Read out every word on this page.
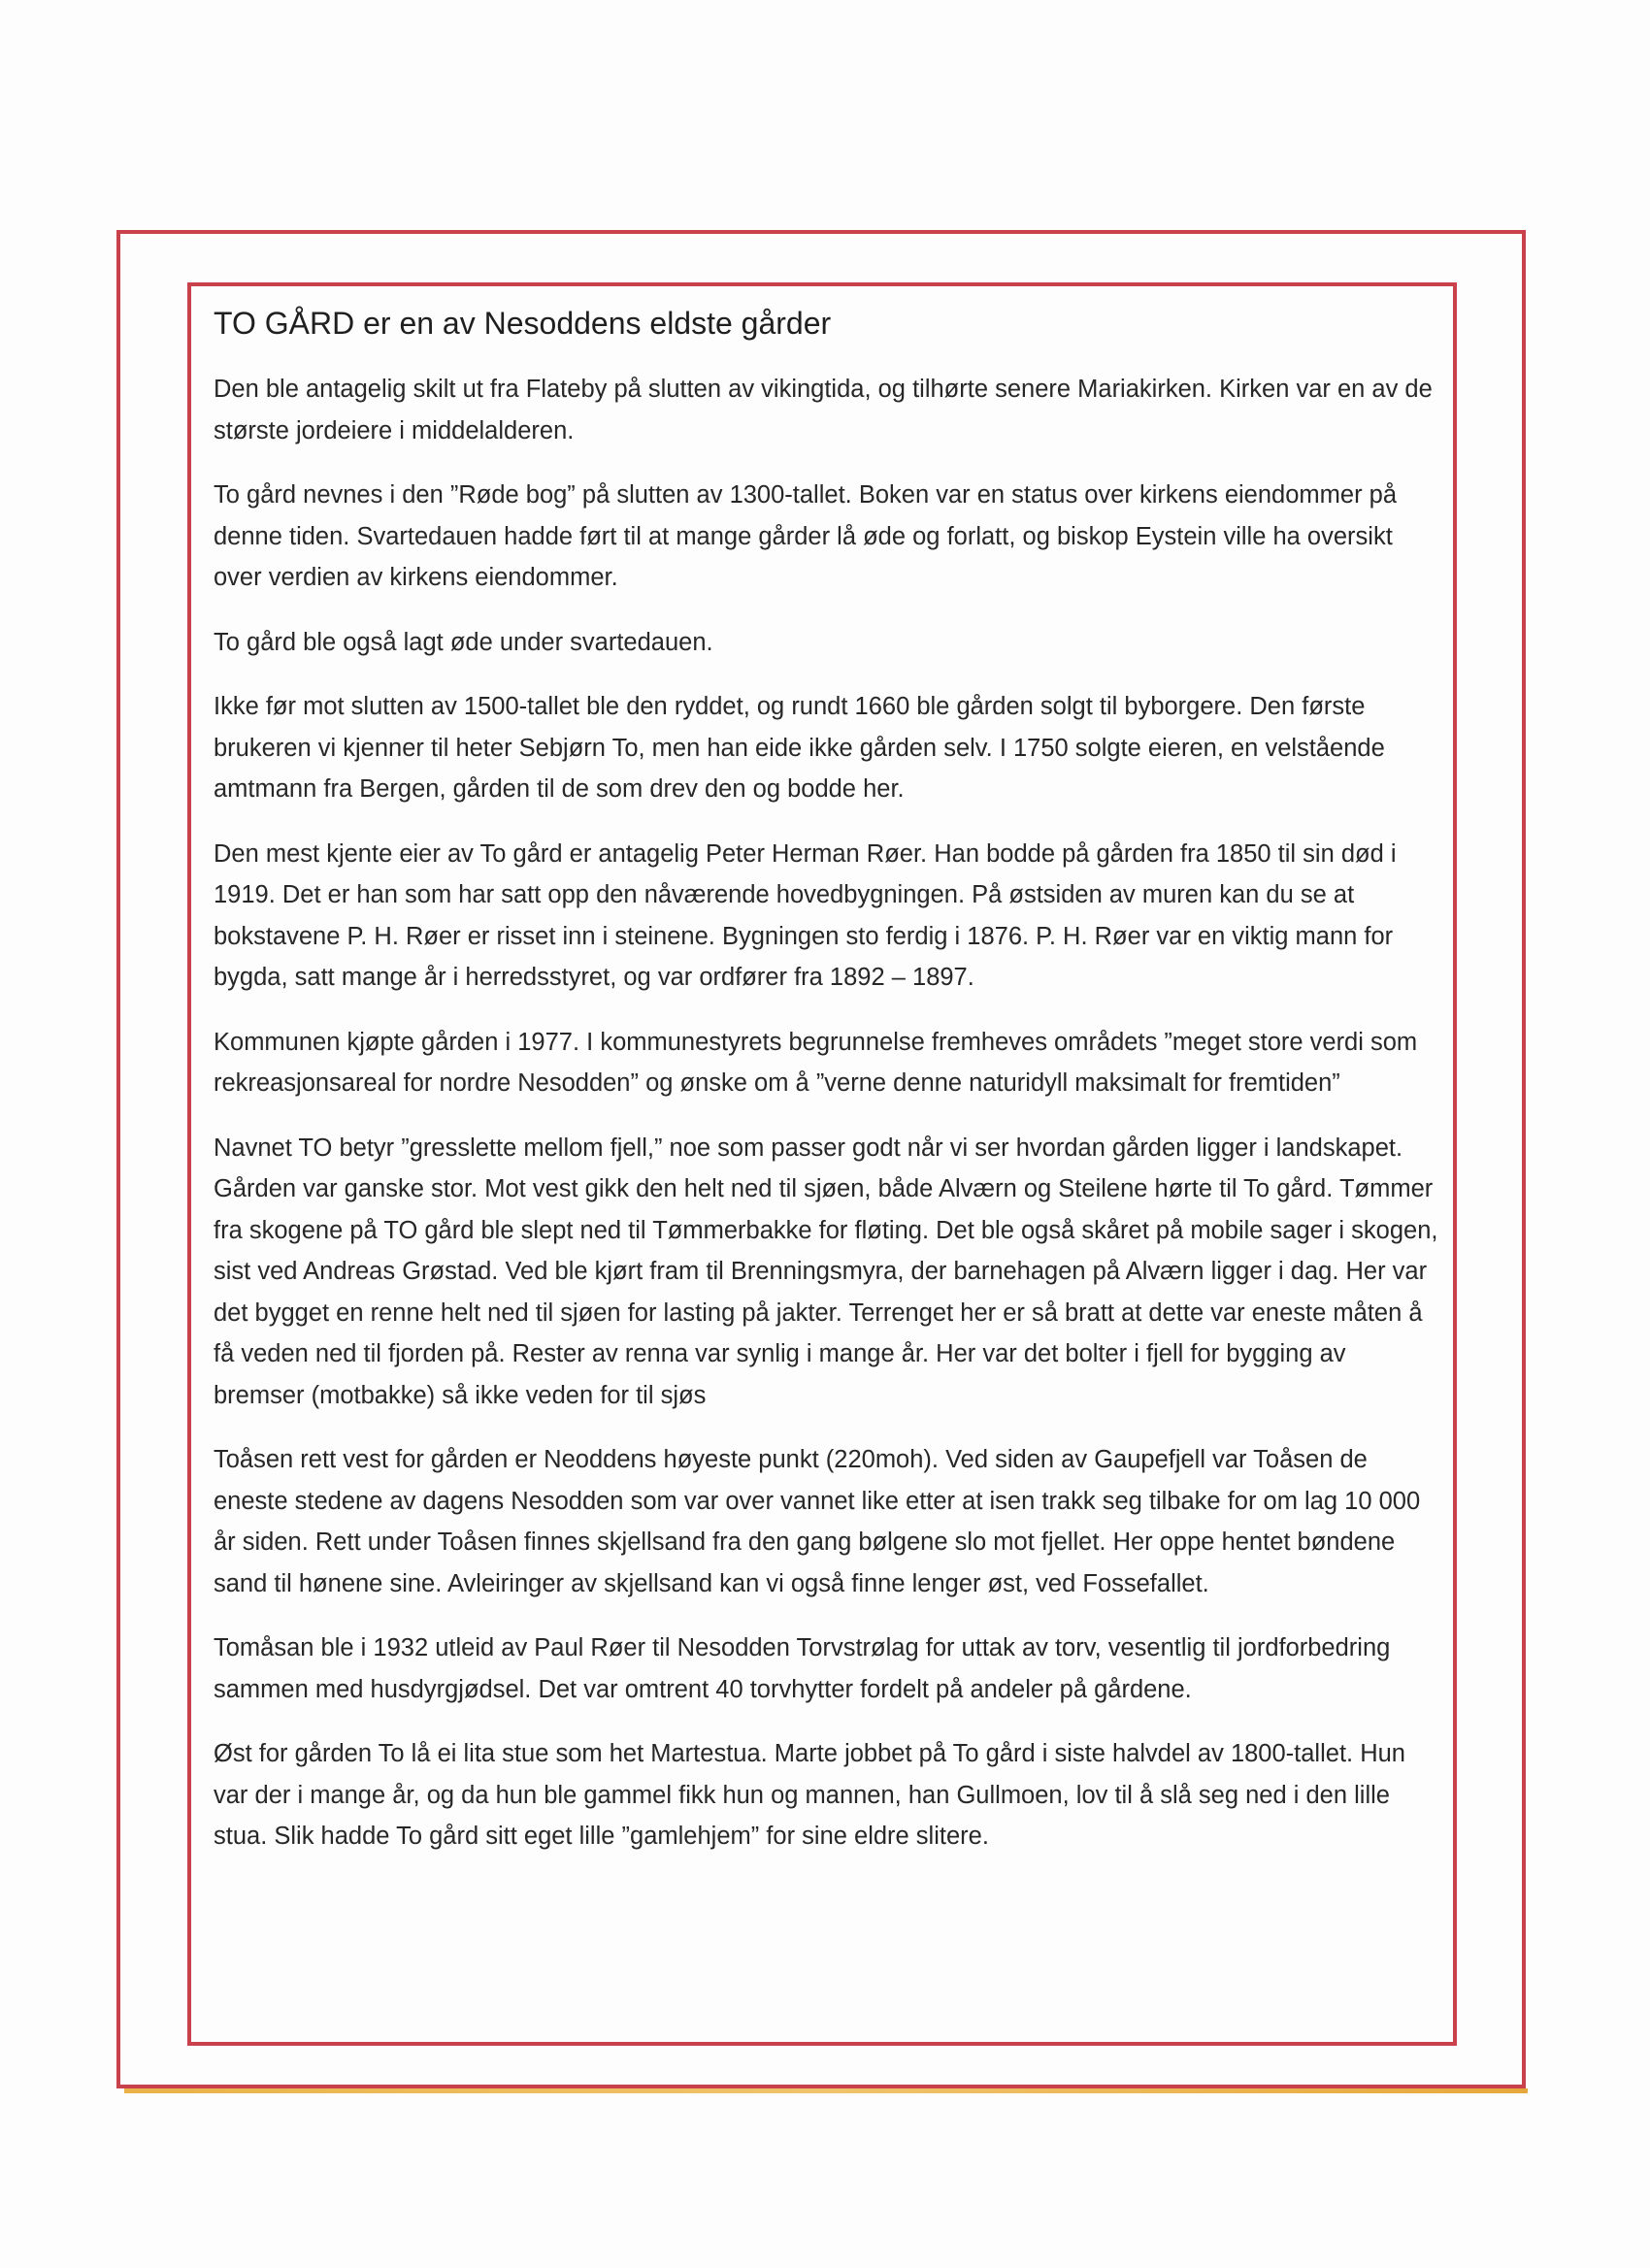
TO GÅRD er en av Nesoddens eldste gårder

Den ble antagelig skilt ut fra Flateby på slutten av vikingtida, og tilhørte senere Mariakirken. Kirken var en av de største jordeiere i middelalderen.

To gård nevnes i den ”Røde bog” på slutten av 1300-tallet. Boken var en status over kirkens eiendommer på denne tiden. Svartedauen hadde ført til at mange gårder lå øde og forlatt, og biskop Eystein ville ha oversikt over verdien av kirkens eiendommer.

To gård ble også lagt øde under svartedauen.

Ikke før mot slutten av 1500-tallet ble den ryddet, og rundt 1660 ble gården solgt til byborgere. Den første brukeren vi kjenner til heter Sebjørn To, men han eide ikke gården selv. I 1750 solgte eieren, en velstående amtmann fra Bergen, gården til de som drev den og bodde her.

Den mest kjente eier av To gård er antagelig Peter Herman Røer. Han bodde på gården fra 1850 til sin død i 1919. Det er han som har satt opp den nåværende hovedbygningen. På østsiden av muren kan du se at bokstavene P. H. Røer er risset inn i steinene. Bygningen sto ferdig i 1876. P. H. Røer var en viktig mann for bygda, satt mange år i herredsstyret, og var ordfører fra 1892 – 1897.

Kommunen kjøpte gården i 1977. I kommunestyrets begrunnelse fremheves områdets ”meget store verdi som rekreasjonsareal for nordre Nesodden” og ønske om å ”verne denne naturidyll maksimalt for fremtiden”

Navnet TO betyr ”gresslette mellom fjell,” noe som passer godt når vi ser hvordan gården ligger i landskapet. Gården var ganske stor. Mot vest gikk den helt ned til sjøen, både Alværn og Steilene hørte til To gård. Tømmer fra skogene på TO gård ble slept ned til Tømmerbakke for fløting. Det ble også skåret på mobile sager i skogen, sist ved Andreas Grøstad. Ved ble kjørt fram til Brenningsmyra, der barnehagen på Alværn ligger i dag. Her var det bygget en renne helt ned til sjøen for lasting på jakter. Terrenget her er så bratt at dette var eneste måten å få veden ned til fjorden på. Rester av renna var synlig i mange år. Her var det bolter i fjell for bygging av bremser (motbakke) så ikke veden for til sjøs

Toåsen rett vest for gården er Neoddens høyeste punkt (220moh). Ved siden av Gaupefjell var Toåsen de eneste stedene av dagens Nesodden som var over vannet like etter at isen trakk seg tilbake for om lag 10 000 år siden. Rett under Toåsen finnes skjellsand fra den gang bølgene slo mot fjellet. Her oppe hentet bøndene sand til hønene sine. Avleiringer av skjellsand kan vi også finne lenger øst, ved Fossefallet.

Tomåsan ble i 1932 utleid av Paul Røer til Nesodden Torvstrølag for uttak av torv, vesentlig til jordforbedring sammen med husdyrgjødsel. Det var omtrent 40 torvhytter fordelt på andeler på gårdene.

Øst for gården To lå ei lita stue som het Martestua. Marte jobbet på To gård i siste halvdel av 1800-tallet. Hun var der i mange år, og da hun ble gammel fikk hun og mannen, han Gullmoen, lov til å slå seg ned i den lille stua. Slik hadde To gård sitt eget lille ”gamlehjem” for sine eldre slitere.
